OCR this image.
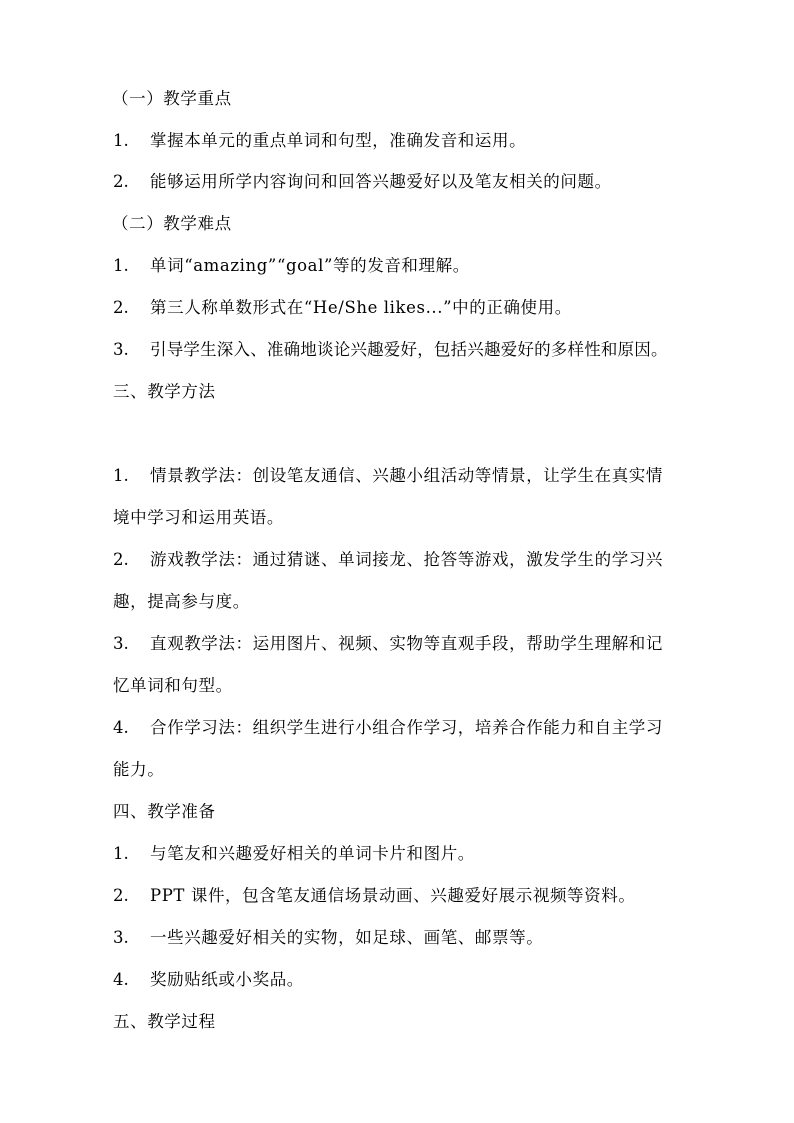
（一）教学重点
1. 掌握本单元的重点单词和句型，准确发音和运用。
2. 能够运用所学内容询问和回答兴趣爱好以及笔友相关的问题。
（二）教学难点
1. 单词“amazing”“goal”等的发音和理解。
2. 第三人称单数形式在“He/She likes...”中的正确使用。
3. 引导学生深入、准确地谈论兴趣爱好，包括兴趣爱好的多样性和原因。
三、教学方法
1. 情景教学法：创设笔友通信、兴趣小组活动等情景，让学生在真实情
境中学习和运用英语。
2. 游戏教学法：通过猜谜、单词接龙、抢答等游戏，激发学生的学习兴
趣，提高参与度。
3. 直观教学法：运用图片、视频、实物等直观手段，帮助学生理解和记
忆单词和句型。
4. 合作学习法：组织学生进行小组合作学习，培养合作能力和自主学习
能力。
四、教学准备
1. 与笔友和兴趣爱好相关的单词卡片和图片。
2. PPT 课件，包含笔友通信场景动画、兴趣爱好展示视频等资料。
3. 一些兴趣爱好相关的实物，如足球、画笔、邮票等。
4. 奖励贴纸或小奖品。
五、教学过程
